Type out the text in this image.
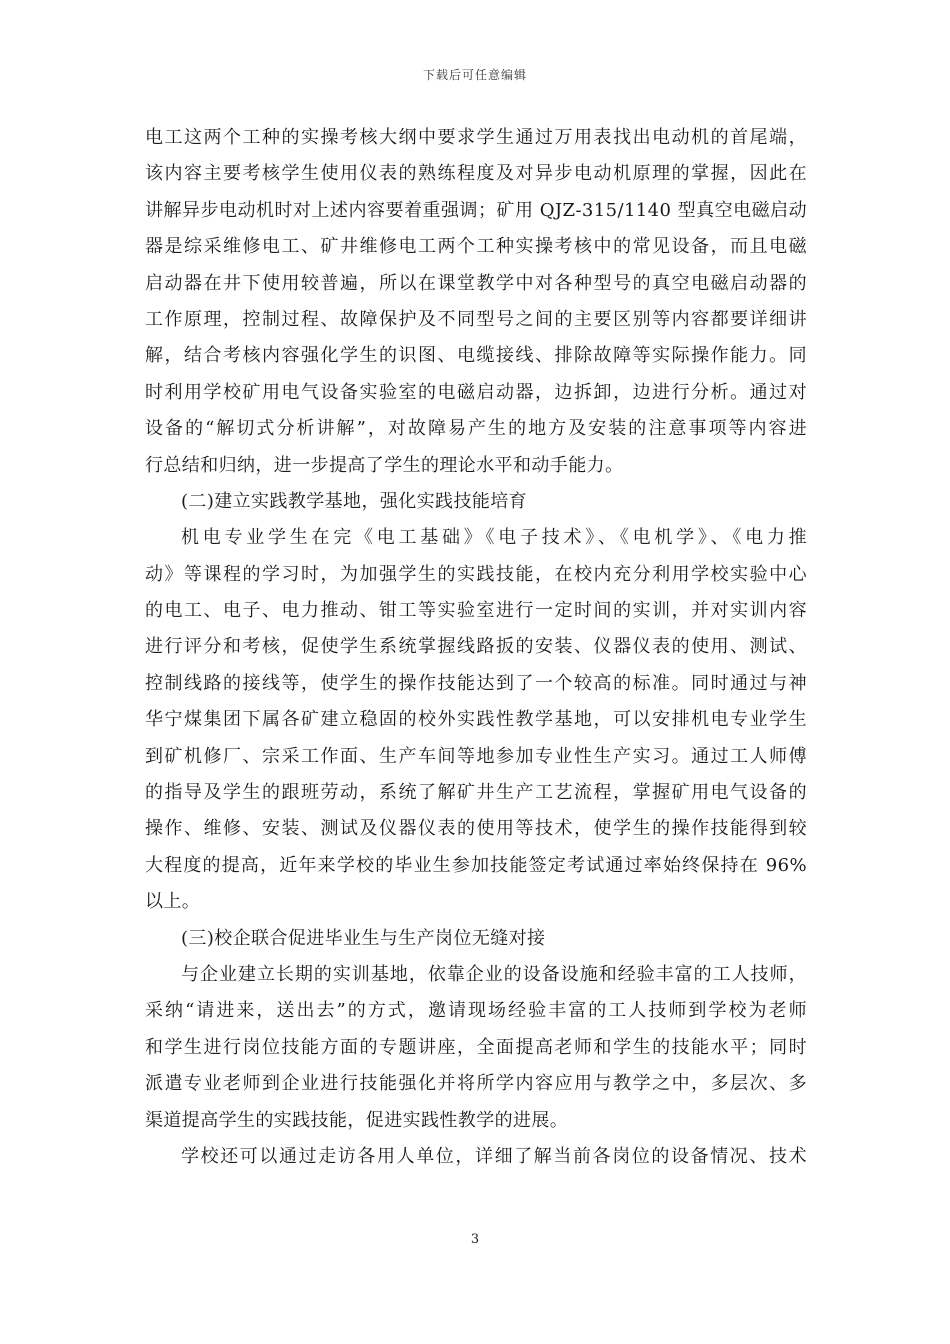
下载后可任意编辑
电工这两个工种的实操考核大纲中要求学生通过万用表找出电动机的首尾端，
该内容主要考核学生使用仪表的熟练程度及对异步电动机原理的掌握，因此在
讲解异步电动机时对上述内容要着重强调；矿用 QJZ-315/1140 型真空电磁启动
器是综采维修电工、矿井维修电工两个工种实操考核中的常见设备，而且电磁
启动器在井下使用较普遍，所以在课堂教学中对各种型号的真空电磁启动器的
工作原理，控制过程、故障保护及不同型号之间的主要区别等内容都要详细讲
解，结合考核内容强化学生的识图、电缆接线、排除故障等实际操作能力。同
时利用学校矿用电气设备实验室的电磁启动器，边拆卸，边进行分析。通过对
设备的“解切式分析讲解”，对故障易产生的地方及安装的注意事项等内容进
行总结和归纳，进一步提高了学生的理论水平和动手能力。
(二)建立实践教学基地，强化实践技能培育
机电专业学生在完《电工基础》《电子技术》、《电机学》、《电力推
动》等课程的学习时，为加强学生的实践技能，在校内充分利用学校实验中心
的电工、电子、电力推动、钳工等实验室进行一定时间的实训，并对实训内容
进行评分和考核，促使学生系统掌握线路扳的安装、仪器仪表的使用、测试、
控制线路的接线等，使学生的操作技能达到了一个较高的标准。同时通过与神
华宁煤集团下属各矿建立稳固的校外实践性教学基地，可以安排机电专业学生
到矿机修厂、宗采工作面、生产车间等地参加专业性生产实习。通过工人师傅
的指导及学生的跟班劳动，系统了解矿井生产工艺流程，掌握矿用电气设备的
操作、维修、安装、测试及仪器仪表的使用等技术，使学生的操作技能得到较
大程度的提高，近年来学校的毕业生参加技能签定考试通过率始终保持在 96%
以上。
(三)校企联合促进毕业生与生产岗位无缝对接
与企业建立长期的实训基地，依靠企业的设备设施和经验丰富的工人技师，
采纳“请进来，送出去”的方式，邀请现场经验丰富的工人技师到学校为老师
和学生进行岗位技能方面的专题讲座，全面提高老师和学生的技能水平；同时
派遣专业老师到企业进行技能强化并将所学内容应用与教学之中，多层次、多
渠道提高学生的实践技能，促进实践性教学的进展。
学校还可以通过走访各用人单位，详细了解当前各岗位的设备情况、技术
3
